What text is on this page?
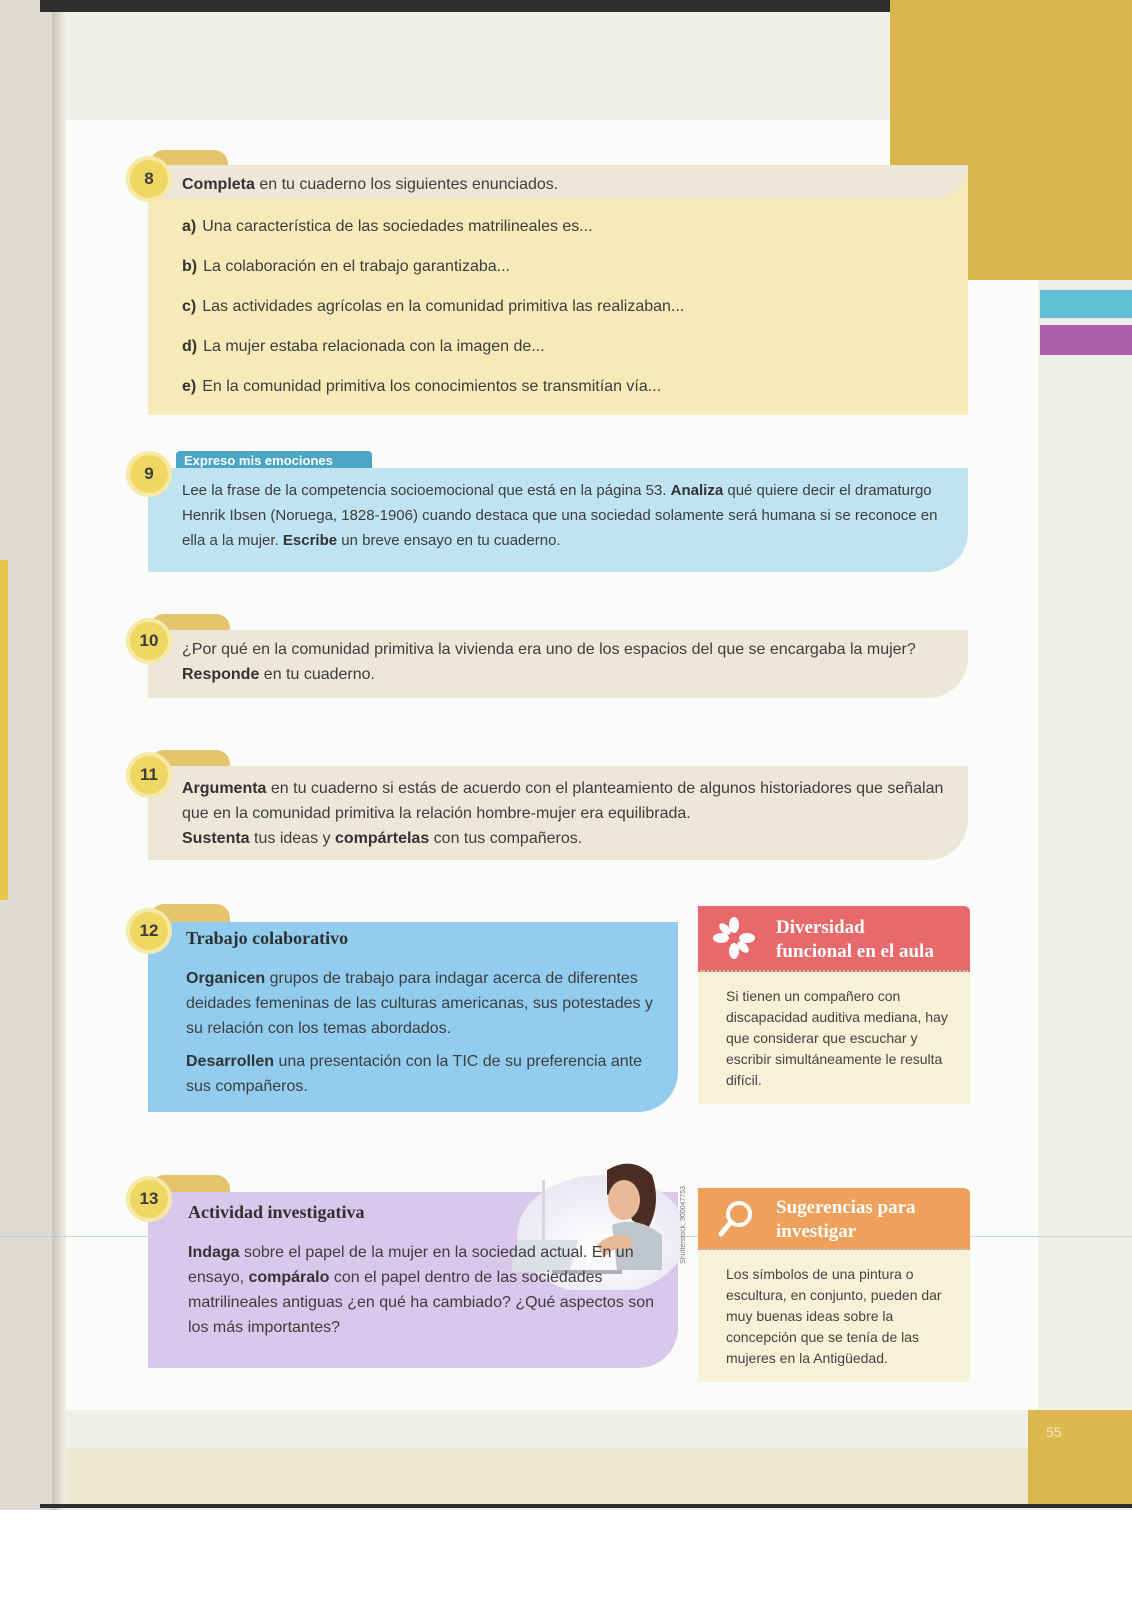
55
8	Completa en tu cuaderno los siguientes enunciados.
a) Una característica de las sociedades matrilineales es...
b) La colaboración en el trabajo garantizaba...
c) Las actividades agrícolas en la comunidad primitiva las realizaban...
d) La mujer estaba relacionada con la imagen de...
e) En la comunidad primitiva los conocimientos se transmitían vía...
Expreso mis emociones
9
Lee la frase de la competencia socioemocional que está en la página 53. Analiza qué quiere decir el dramaturgo Henrik Ibsen (Noruega, 1828-1906) cuando destaca que una sociedad solamente será humana si se reconoce en ella a la mujer. Escribe un breve ensayo en tu cuaderno.
10	¿Por qué en la comunidad primitiva la vivienda era uno de los espacios del que se encargaba la mujer? Responde en tu cuaderno.
11
Argumenta en tu cuaderno si estás de acuerdo con el planteamiento de algunos historiadores que señalan que en la comunidad primitiva la relación hombre-mujer era equilibrada.
Sustenta tus ideas y compártelas con tus compañeros.
12	Trabajo colaborativo
Organicen grupos de trabajo para indagar acerca de diferentes deidades femeninas de las culturas americanas, sus potestades y su relación con los temas abordados.
Desarrollen una presentación con la TIC de su preferencia ante sus compañeros.
Diversidad
funcional en el aula
Si tienen un compañero con discapacidad auditiva mediana, hay que considerar que escuchar y escribir simultáneamente le resulta difícil.
13
Actividad investigativa	Shutterstock, 300047753
Indaga sobre el papel de la mujer en la sociedad actual. En un ensayo, compáralo con el papel dentro de las sociedades matrilineales antiguas ¿en qué ha cambiado? ¿Qué aspectos son los más importantes?
Sugerencias para
investigar
Los símbolos de una pintura o escultura, en conjunto, pueden dar muy buenas ideas sobre la concepción que se tenía de las mujeres en la Antigüedad.
